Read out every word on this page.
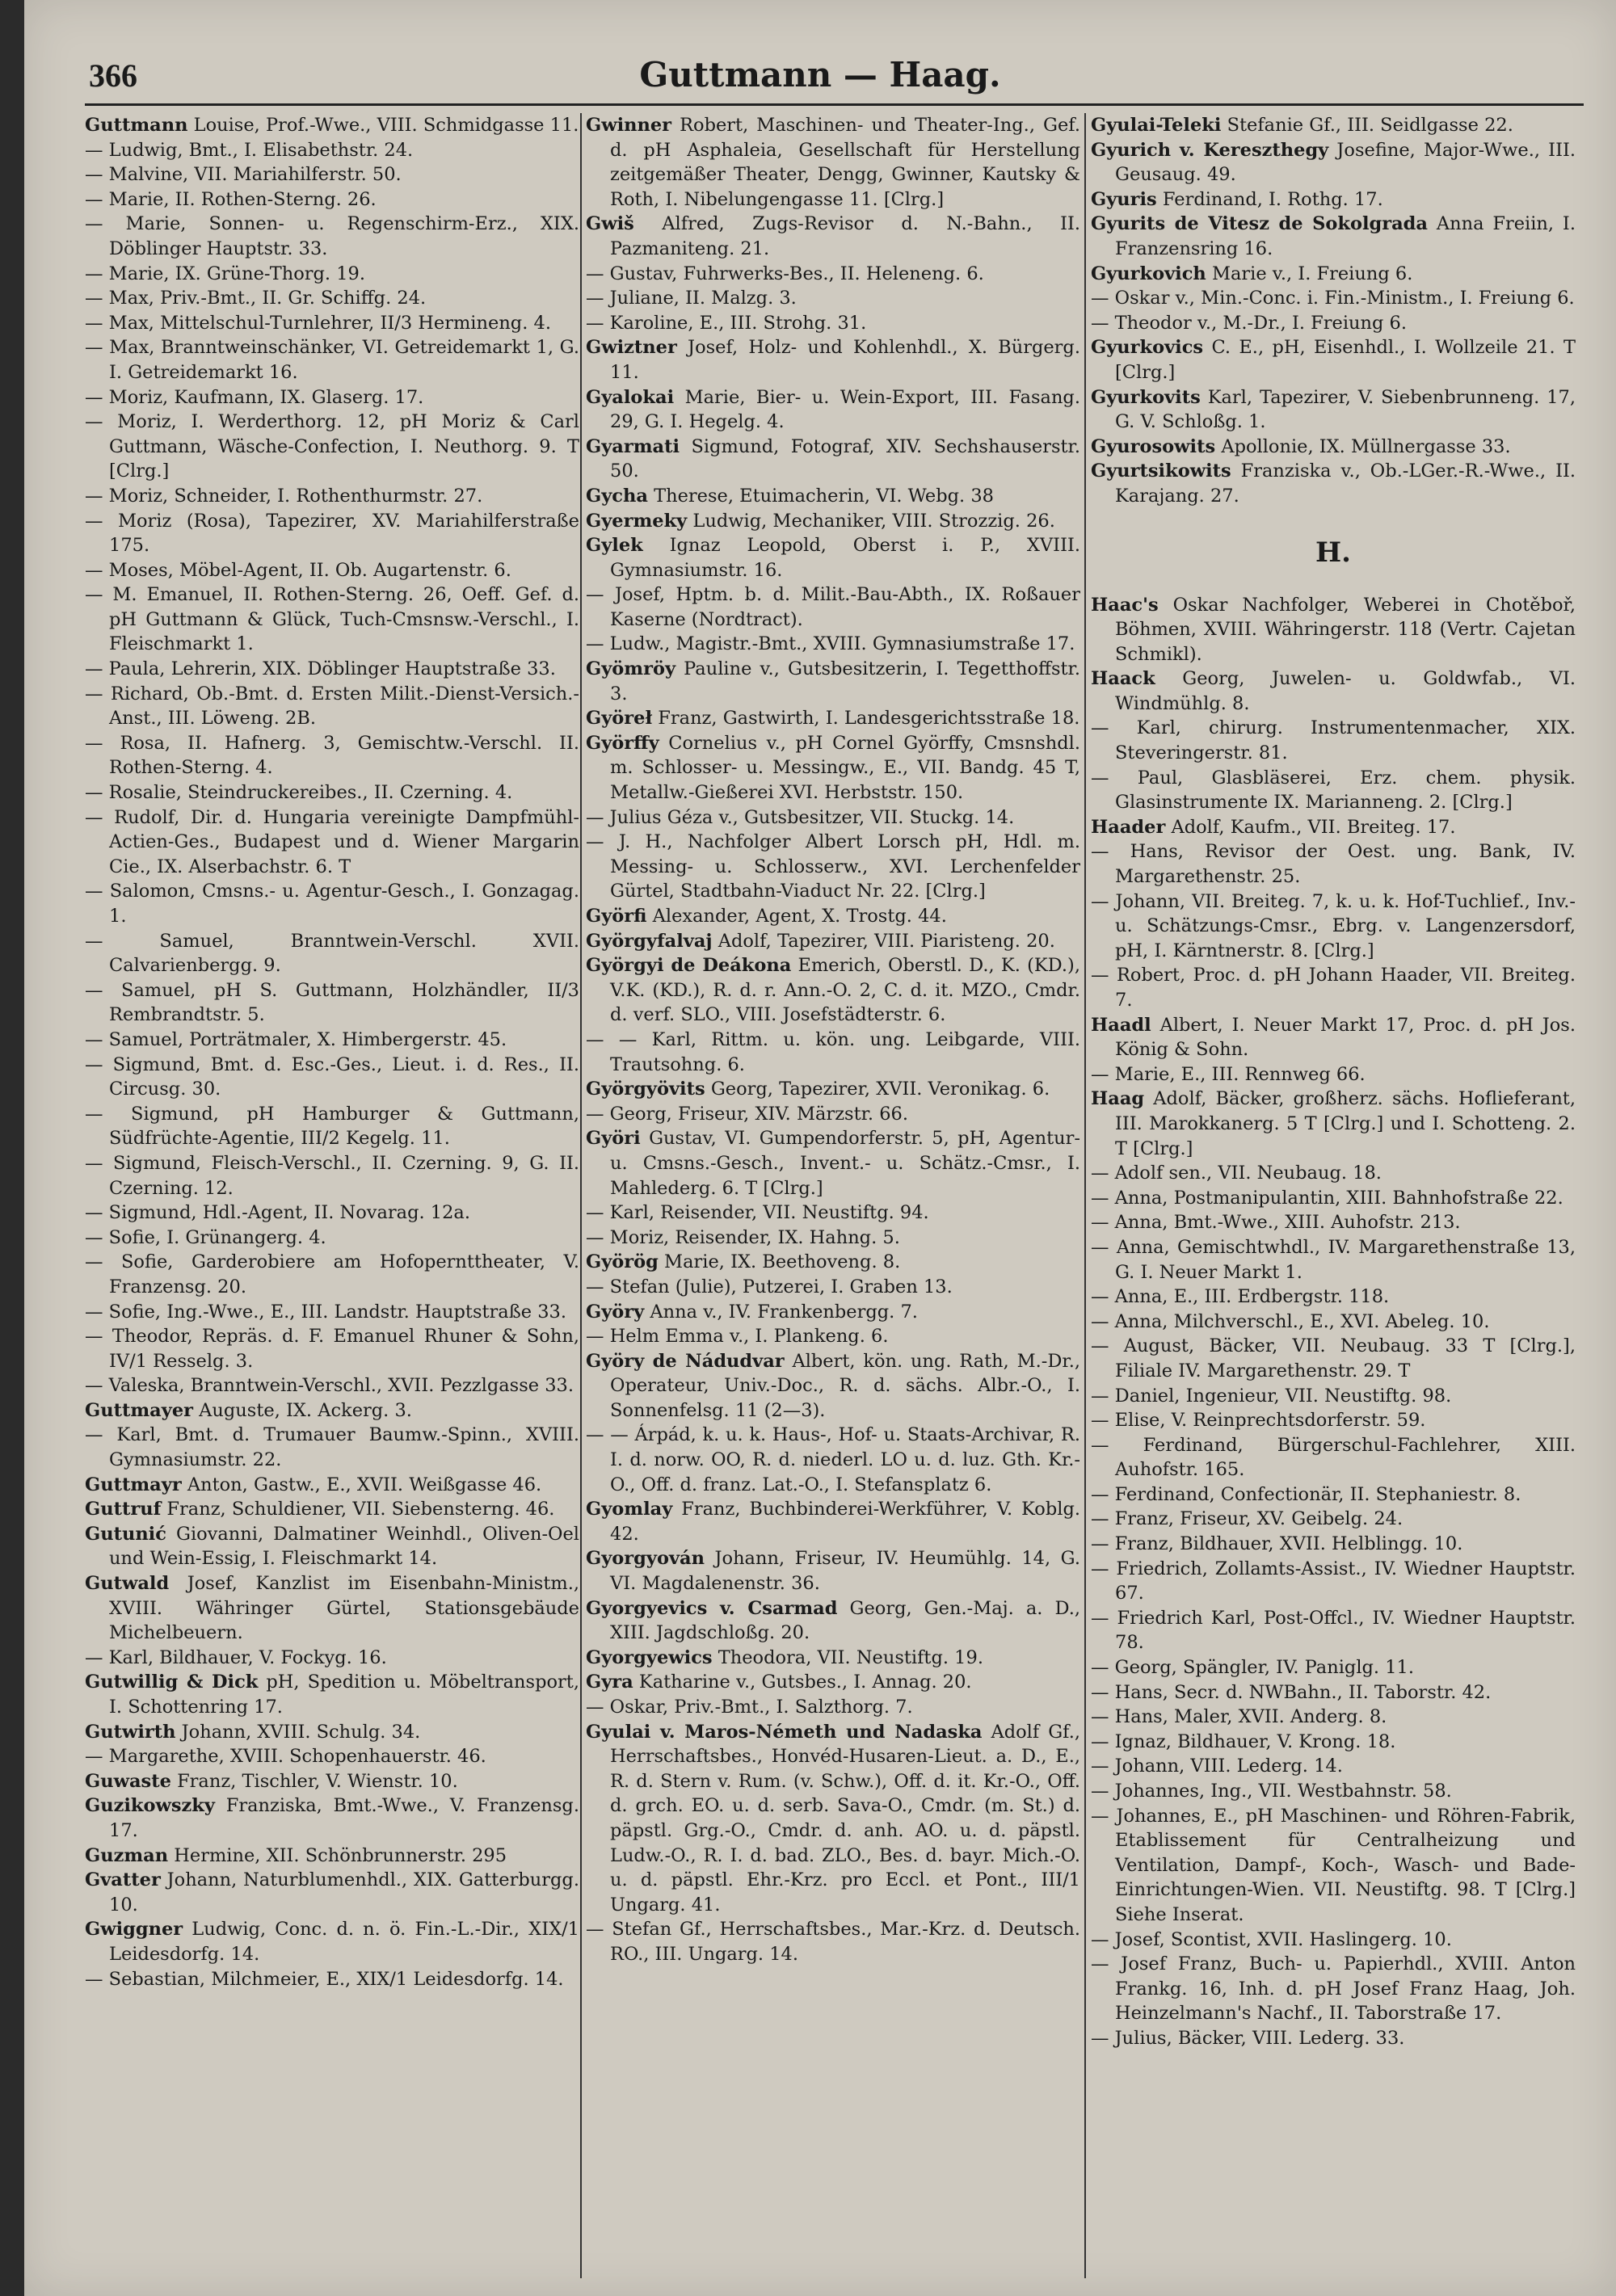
366	Guttmann — Haag.

Guttmann Louise, Prof.-Wwe., VIII. Schmidgasse 11.

— Ludwig, Bmt., I. Elisabethstr. 24.

— Malvine, VII. Mariahilferstr. 50.

— Marie, II. Rothen-Sterng. 26.

— Marie, Sonnen- u. Regenschirm-Erz., XIX. Döblinger Hauptstr. 33.

— Marie, IX. Grüne-Thorg. 19.

— Max, Priv.-Bmt., II. Gr. Schiffg. 24.

— Max, Mittelschul-Turnlehrer, II/3 Hermineng. 4.

— Max, Branntweinschänker, VI. Getreidemarkt 1, G. I. Getreidemarkt 16.

— Moriz, Kaufmann, IX. Glaserg. 17.

— Moriz, I. Werderthorg. 12, pH Moriz & Carl Guttmann, Wäsche-Confection, I. Neuthorg. 9. T [Clrg.]

— Moriz, Schneider, I. Rothenthurmstr. 27.

— Moriz (Rosa), Tapezirer, XV. Mariahilferstraße 175.

— Moses, Möbel-Agent, II. Ob. Augartenstr. 6.

— M. Emanuel, II. Rothen-Sterng. 26, Oeff. Gef. d. pH Guttmann & Glück, Tuch-Cmsnsw.-Verschl., I. Fleischmarkt 1.

— Paula, Lehrerin, XIX. Döblinger Hauptstraße 33.

— Richard, Ob.-Bmt. d. Ersten Milit.-Dienst-Versich.-Anst., III. Löweng. 2B.

— Rosa, II. Hafnerg. 3, Gemischtw.-Verschl. II. Rothen-Sterng. 4.

— Rosalie, Steindruckereibes., II. Czerning. 4.

— Rudolf, Dir. d. Hungaria vereinigte Dampfmühl-Actien-Ges., Budapest und d. Wiener Margarin Cie., IX. Alserbachstr. 6. T

— Salomon, Cmsns.- u. Agentur-Gesch., I. Gonzagag. 1.

— Samuel, Branntwein-Verschl. XVII. Calvarienbergg. 9.

— Samuel, pH S. Guttmann, Holzhändler, II/3 Rembrandtstr. 5.

— Samuel, Porträtmaler, X. Himbergerstr. 45.

— Sigmund, Bmt. d. Esc.-Ges., Lieut. i. d. Res., II. Circusg. 30.

— Sigmund, pH Hamburger & Guttmann, Südfrüchte-Agentie, III/2 Kegelg. 11.

— Sigmund, Fleisch-Verschl., II. Czerning. 9, G. II. Czerning. 12.

— Sigmund, Hdl.-Agent, II. Novarag. 12a.

— Sofie, I. Grünangerg. 4.

— Sofie, Garderobiere am Hofopernttheater, V. Franzensg. 20.

— Sofie, Ing.-Wwe., E., III. Landstr. Hauptstraße 33.

— Theodor, Repräs. d. F. Emanuel Rhuner & Sohn, IV/1 Resselg. 3.

— Valeska, Branntwein-Verschl., XVII. Pezzlgasse 33.

Guttmayer Auguste, IX. Ackerg. 3.

— Karl, Bmt. d. Trumauer Baumw.-Spinn., XVIII. Gymnasiumstr. 22.

Guttmayr Anton, Gastw., E., XVII. Weißgasse 46.

Guttruf Franz, Schuldiener, VII. Siebensterng. 46.

Gutunić Giovanni, Dalmatiner Weinhdl., Oliven-Oel und Wein-Essig, I. Fleischmarkt 14.

Gutwald Josef, Kanzlist im Eisenbahn-Ministm., XVIII. Währinger Gürtel, Stationsgebäude Michelbeuern.

— Karl, Bildhauer, V. Fockyg. 16.

Gutwillig & Dick pH, Spedition u. Möbeltransport, I. Schottenring 17.

Gutwirth Johann, XVIII. Schulg. 34.

— Margarethe, XVIII. Schopenhauerstr. 46.

Guwaste Franz, Tischler, V. Wienstr. 10.

Guzikowszky Franziska, Bmt.-Wwe., V. Franzensg. 17.

Guzman Hermine, XII. Schönbrunnerstr. 295

Gvatter Johann, Naturblumenhdl., XIX. Gatterburgg. 10.

Gwiggner Ludwig, Conc. d. n. ö. Fin.-L.-Dir., XIX/1 Leidesdorfg. 14.

— Sebastian, Milchmeier, E., XIX/1 Leidesdorfg. 14.

Gwinner Robert, Maschinen- und Theater-Ing., Gef. d. pH Asphaleia, Gesellschaft für Herstellung zeitgemäßer Theater, Dengg, Gwinner, Kautsky & Roth, I. Nibelungengasse 11. [Clrg.]

Gwiš Alfred, Zugs-Revisor d. N.-Bahn., II. Pazmaniteng. 21.

— Gustav, Fuhrwerks-Bes., II. Heleneng. 6.

— Juliane, II. Malzg. 3.

— Karoline, E., III. Strohg. 31.

Gwiztner Josef, Holz- und Kohlenhdl., X. Bürgerg. 11.

Gyalokai Marie, Bier- u. Wein-Export, III. Fasang. 29, G. I. Hegelg. 4.

Gyarmati Sigmund, Fotograf, XIV. Sechshauserstr. 50.

Gycha Therese, Etuimacherin, VI. Webg. 38

Gyermeky Ludwig, Mechaniker, VIII. Strozzig. 26.

Gylek Ignaz Leopold, Oberst i. P., XVIII. Gymnasiumstr. 16.

— Josef, Hptm. b. d. Milit.-Bau-Abth., IX. Roßauer Kaserne (Nordtract).

— Ludw., Magistr.-Bmt., XVIII. Gymnasiumstraße 17.

Gyömröy Pauline v., Gutsbesitzerin, I. Tegetthoffstr. 3.

Györeł Franz, Gastwirth, I. Landesgerichtsstraße 18.

Györffy Cornelius v., pH Cornel Györffy, Cmsnshdl. m. Schlosser- u. Messingw., E., VII. Bandg. 45 T, Metallw.-Gießerei XVI. Herbststr. 150.

— Julius Géza v., Gutsbesitzer, VII. Stuckg. 14.

— J. H., Nachfolger Albert Lorsch pH, Hdl. m. Messing- u. Schlosserw., XVI. Lerchenfelder Gürtel, Stadtbahn-Viaduct Nr. 22. [Clrg.]

Györfi Alexander, Agent, X. Trostg. 44.

Györgyfalvaj Adolf, Tapezirer, VIII. Piaristeng. 20.

Györgyi de Deákona Emerich, Oberstl. D., K. (KD.), V.K. (KD.), R. d. r. Ann.-O. 2, C. d. it. MZO., Cmdr. d. verf. SLO., VIII. Josefstädterstr. 6.

— — Karl, Rittm. u. kön. ung. Leibgarde, VIII. Trautsohng. 6.

Györgyövits Georg, Tapezirer, XVII. Veronikag. 6.

— Georg, Friseur, XIV. Märzstr. 66.

Györi Gustav, VI. Gumpendorferstr. 5, pH, Agentur- u. Cmsns.-Gesch., Invent.- u. Schätz.-Cmsr., I. Mahlederg. 6. T [Clrg.]

— Karl, Reisender, VII. Neustiftg. 94.

— Moriz, Reisender, IX. Hahng. 5.

Györög Marie, IX. Beethoveng. 8.

— Stefan (Julie), Putzerei, I. Graben 13.

Györy Anna v., IV. Frankenbergg. 7.

— Helm Emma v., I. Plankeng. 6.

Györy de Nádudvar Albert, kön. ung. Rath, M.-Dr., Operateur, Univ.-Doc., R. d. sächs. Albr.-O., I. Sonnenfelsg. 11 (2—3).

— — Árpád, k. u. k. Haus-, Hof- u. Staats-Archivar, R. I. d. norw. OO, R. d. niederl. LO u. d. luz. Gth. Kr.-O., Off. d. franz. Lat.-O., I. Stefansplatz 6.

Gyomlay Franz, Buchbinderei-Werkführer, V. Koblg. 42.

Gyorgyován Johann, Friseur, IV. Heumühlg. 14, G. VI. Magdalenenstr. 36.

Gyorgyevics v. Csarmad Georg, Gen.-Maj. a. D., XIII. Jagdschloßg. 20.

Gyorgyewics Theodora, VII. Neustiftg. 19.

Gyra Katharine v., Gutsbes., I. Annag. 20.

— Oskar, Priv.-Bmt., I. Salzthorg. 7.

Gyulai v. Maros-Németh und Nadaska Adolf Gf., Herrschaftsbes., Honvéd-Husaren-Lieut. a. D., E., R. d. Stern v. Rum. (v. Schw.), Off. d. it. Kr.-O., Off. d. grch. EO. u. d. serb. Sava-O., Cmdr. (m. St.) d. päpstl. Grg.-O., Cmdr. d. anh. AO. u. d. päpstl. Ludw.-O., R. I. d. bad. ZLO., Bes. d. bayr. Mich.-O. u. d. päpstl. Ehr.-Krz. pro Eccl. et Pont., III/1 Ungarg. 41.

— Stefan Gf., Herrschaftsbes., Mar.-Krz. d. Deutsch. RO., III. Ungarg. 14.

Gyulai-Teleki Stefanie Gf., III. Seidlgasse 22.

Gyurich v. Kereszthegy Josefine, Major-Wwe., III. Geusaug. 49.

Gyuris Ferdinand, I. Rothg. 17.

Gyurits de Vitesz de Sokolgrada Anna Freiin, I. Franzensring 16.

Gyurkovich Marie v., I. Freiung 6.

— Oskar v., Min.-Conc. i. Fin.-Ministm., I. Freiung 6.

— Theodor v., M.-Dr., I. Freiung 6.

Gyurkovics C. E., pH, Eisenhdl., I. Wollzeile 21. T [Clrg.]

Gyurkovits Karl, Tapezirer, V. Siebenbrunneng. 17, G. V. Schloßg. 1.

Gyurosowits Apollonie, IX. Müllnergasse 33.

Gyurtsikowits Franziska v., Ob.-LGer.-R.-Wwe., II. Karajang. 27.

H.

Haac's Oskar Nachfolger, Weberei in Chotěboř, Böhmen, XVIII. Währingerstr. 118 (Vertr. Cajetan Schmikl).

Haack Georg, Juwelen- u. Goldwfab., VI. Windmühlg. 8.

— Karl, chirurg. Instrumentenmacher, XIX. Steveringerstr. 81.

— Paul, Glasbläserei, Erz. chem. physik. Glasinstrumente IX. Marianneng. 2. [Clrg.]

Haader Adolf, Kaufm., VII. Breiteg. 17.

— Hans, Revisor der Oest. ung. Bank, IV. Margarethenstr. 25.

— Johann, VII. Breiteg. 7, k. u. k. Hof-Tuchlief., Inv.- u. Schätzungs-Cmsr., Ebrg. v. Langenzersdorf, pH, I. Kärntnerstr. 8. [Clrg.]

— Robert, Proc. d. pH Johann Haader, VII. Breiteg. 7.

Haadl Albert, I. Neuer Markt 17, Proc. d. pH Jos. König & Sohn.

— Marie, E., III. Rennweg 66.

Haag Adolf, Bäcker, großherz. sächs. Hoflieferant, III. Marokkanerg. 5 T [Clrg.] und I. Schotteng. 2. T [Clrg.]

— Adolf sen., VII. Neubaug. 18.

— Anna, Postmanipulantin, XIII. Bahnhofstraße 22.

— Anna, Bmt.-Wwe., XIII. Auhofstr. 213.

— Anna, Gemischtwhdl., IV. Margarethenstraße 13, G. I. Neuer Markt 1.

— Anna, E., III. Erdbergstr. 118.

— Anna, Milchverschl., E., XVI. Abeleg. 10.

— August, Bäcker, VII. Neubaug. 33 T [Clrg.], Filiale IV. Margarethenstr. 29. T

— Daniel, Ingenieur, VII. Neustiftg. 98.

— Elise, V. Reinprechtsdorferstr. 59.

— Ferdinand, Bürgerschul-Fachlehrer, XIII. Auhofstr. 165.

— Ferdinand, Confectionär, II. Stephaniestr. 8.

— Franz, Friseur, XV. Geibelg. 24.

— Franz, Bildhauer, XVII. Helblingg. 10.

— Friedrich, Zollamts-Assist., IV. Wiedner Hauptstr. 67.

— Friedrich Karl, Post-Offcl., IV. Wiedner Hauptstr. 78.

— Georg, Spängler, IV. Paniglg. 11.

— Hans, Secr. d. NWBahn., II. Taborstr. 42.

— Hans, Maler, XVII. Anderg. 8.

— Ignaz, Bildhauer, V. Krong. 18.

— Johann, VIII. Lederg. 14.

— Johannes, Ing., VII. Westbahnstr. 58.

— Johannes, E., pH Maschinen- und Röhren-Fabrik, Etablissement für Centralheizung und Ventilation, Dampf-, Koch-, Wasch- und Bade-Einrichtungen-Wien. VII. Neustiftg. 98. T [Clrg.] Siehe Inserat.

— Josef, Scontist, XVII. Haslingerg. 10.

— Josef Franz, Buch- u. Papierhdl., XVIII. Anton Frankg. 16, Inh. d. pH Josef Franz Haag, Joh. Heinzelmann's Nachf., II. Taborstraße 17.

— Julius, Bäcker, VIII. Lederg. 33.
